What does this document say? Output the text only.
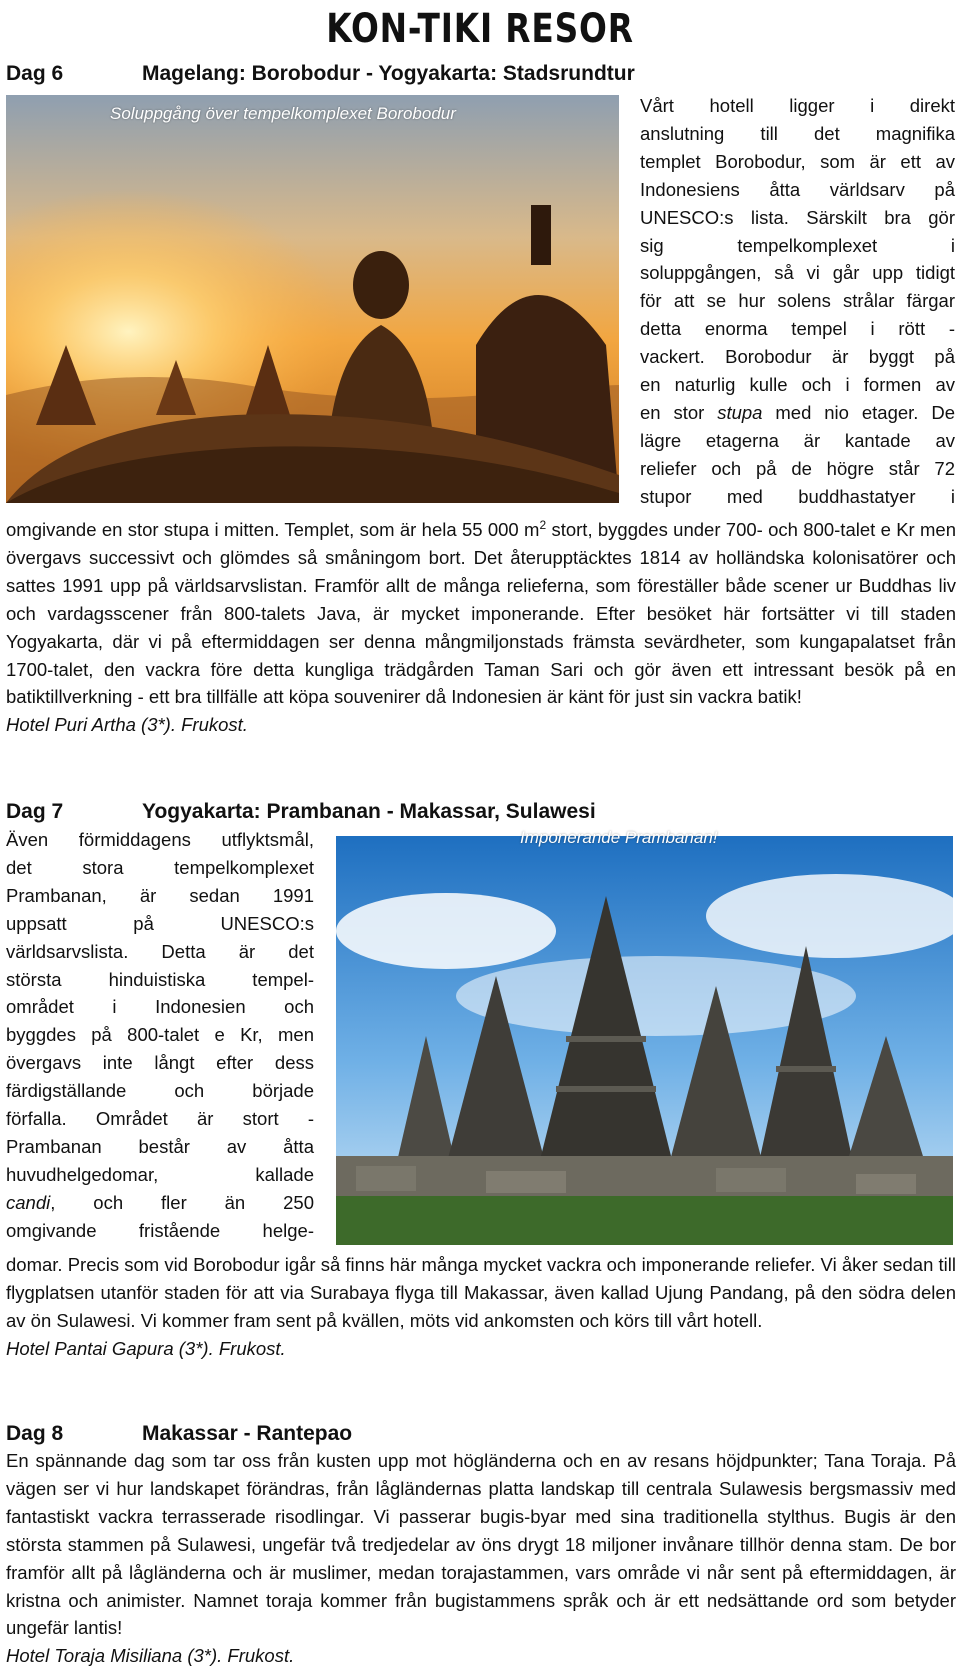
KON-TIKI RESOR
Dag 6	Magelang: Borobodur - Yogyakarta: Stadsrundtur
Soluppgång över tempelkomplexet Borobodur	Vårt hotell ligger i direkt
anslutning till det magnifika
templet Borobodur, som är ett av
Indonesiens åtta världsarv på
UNESCO:s lista. Särskilt bra gör
sig tempelkomplexet i
soluppgången, så vi går upp tidigt
för att se hur solens strålar färgar
detta enorma tempel i rött -
vackert. Borobodur är byggt på
en naturlig kulle och i formen av
en stor stupa med nio etager. De
lägre etagerna är kantade av
reliefer och på de högre står 72
stupor med buddhastatyer i
omgivande en stor stupa i mitten. Templet, som är hela 55 000 $m^2$ stort, byggdes under 700- och 800-talet e Kr men övergavs successivt och glömdes så småningom bort. Det återupptäcktes 1814 av holländska kolonisatörer och sattes 1991 upp på världsarvslistan. Framför allt de många relieferna, som föreställer både scener ur Buddhas liv och vardagsscener från 800-talets Java, är mycket imponerande. Efter besöket här fortsätter vi till staden Yogyakarta, där vi på eftermiddagen ser denna mångmiljonstads främsta sevärdheter, som kungapalatset från 1700-talet, den vackra före detta kungliga trädgården Taman Sari och gör även ett intressant besök på en batiktillverkning - ett bra tillfälle att köpa souvenirer då Indonesien är känt för just sin vackra batik!
Hotel Puri Artha (3*). Frukost.
Dag 7	Yogyakarta: Prambanan - Makassar, Sulawesi
Även förmiddagens utflyktsmål,
det stora tempelkomplexet
Prambanan, är sedan 1991
uppsatt på UNESCO:s
världsarvslista. Detta är det
största hinduistiska tempel-
området i Indonesien och
byggdes på 800-talet e Kr, men
övergavs inte långt efter dess
färdigställande och började
förfalla. Området är stort -
Prambanan består av åtta
huvudhelgedomar, kallade
candi, och fler än 250
omgivande fristående helge-
Imponerande Prambanan!
domar. Precis som vid Borobodur igår så finns här många mycket vackra och imponerande reliefer. Vi åker sedan till flygplatsen utanför staden för att via Surabaya flyga till Makassar, även kallad Ujung Pandang, på den södra delen av ön Sulawesi. Vi kommer fram sent på kvällen, möts vid ankomsten och körs till vårt hotell.
Hotel Pantai Gapura (3*). Frukost.
Dag 8	Makassar - Rantepao
En spännande dag som tar oss från kusten upp mot högländerna och en av resans höjdpunkter; Tana Toraja. På vägen ser vi hur landskapet förändras, från lågländernas platta landskap till centrala Sulawesis bergsmassiv med fantastiskt vackra terrasserade risodlingar. Vi passerar bugis-byar med sina traditionella stylthus. Bugis är den största stammen på Sulawesi, ungefär två tredjedelar av öns drygt 18 miljoner invånare tillhör denna stam. De bor framför allt på lågländerna och är muslimer, medan torajastammen, vars område vi når sent på eftermiddagen, är kristna och animister. Namnet toraja kommer från bugistammens språk och är ett nedsättande ord som betyder ungefär lantis!
Hotel Toraja Misiliana (3*). Frukost.
